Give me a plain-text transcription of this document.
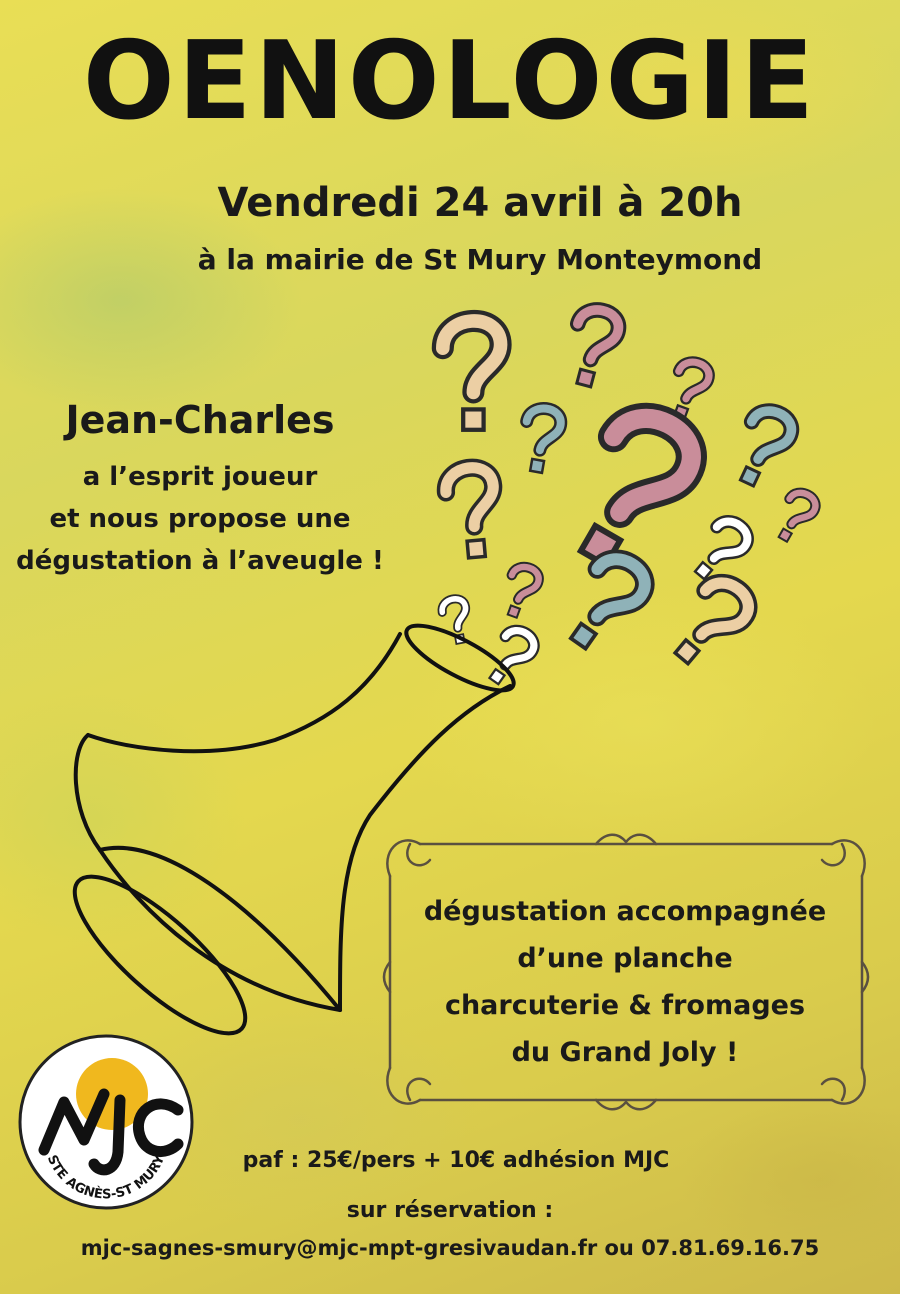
OENOLOGIE
Vendredi 24 avril à 20h
à la mairie de St Mury Monteymond
Jean-Charles
a l’esprit joueur
et nous propose une
dégustation à l’aveugle !
dégustation accompagnée
d’une planche
charcuterie & fromages
du Grand Joly !
STE AGNÈS-ST MURY	paf : 25€/pers + 10€ adhésion MJC
sur réservation :
mjc-sagnes-smury@mjc-mpt-gresivaudan.fr ou 07.81.69.16.75
